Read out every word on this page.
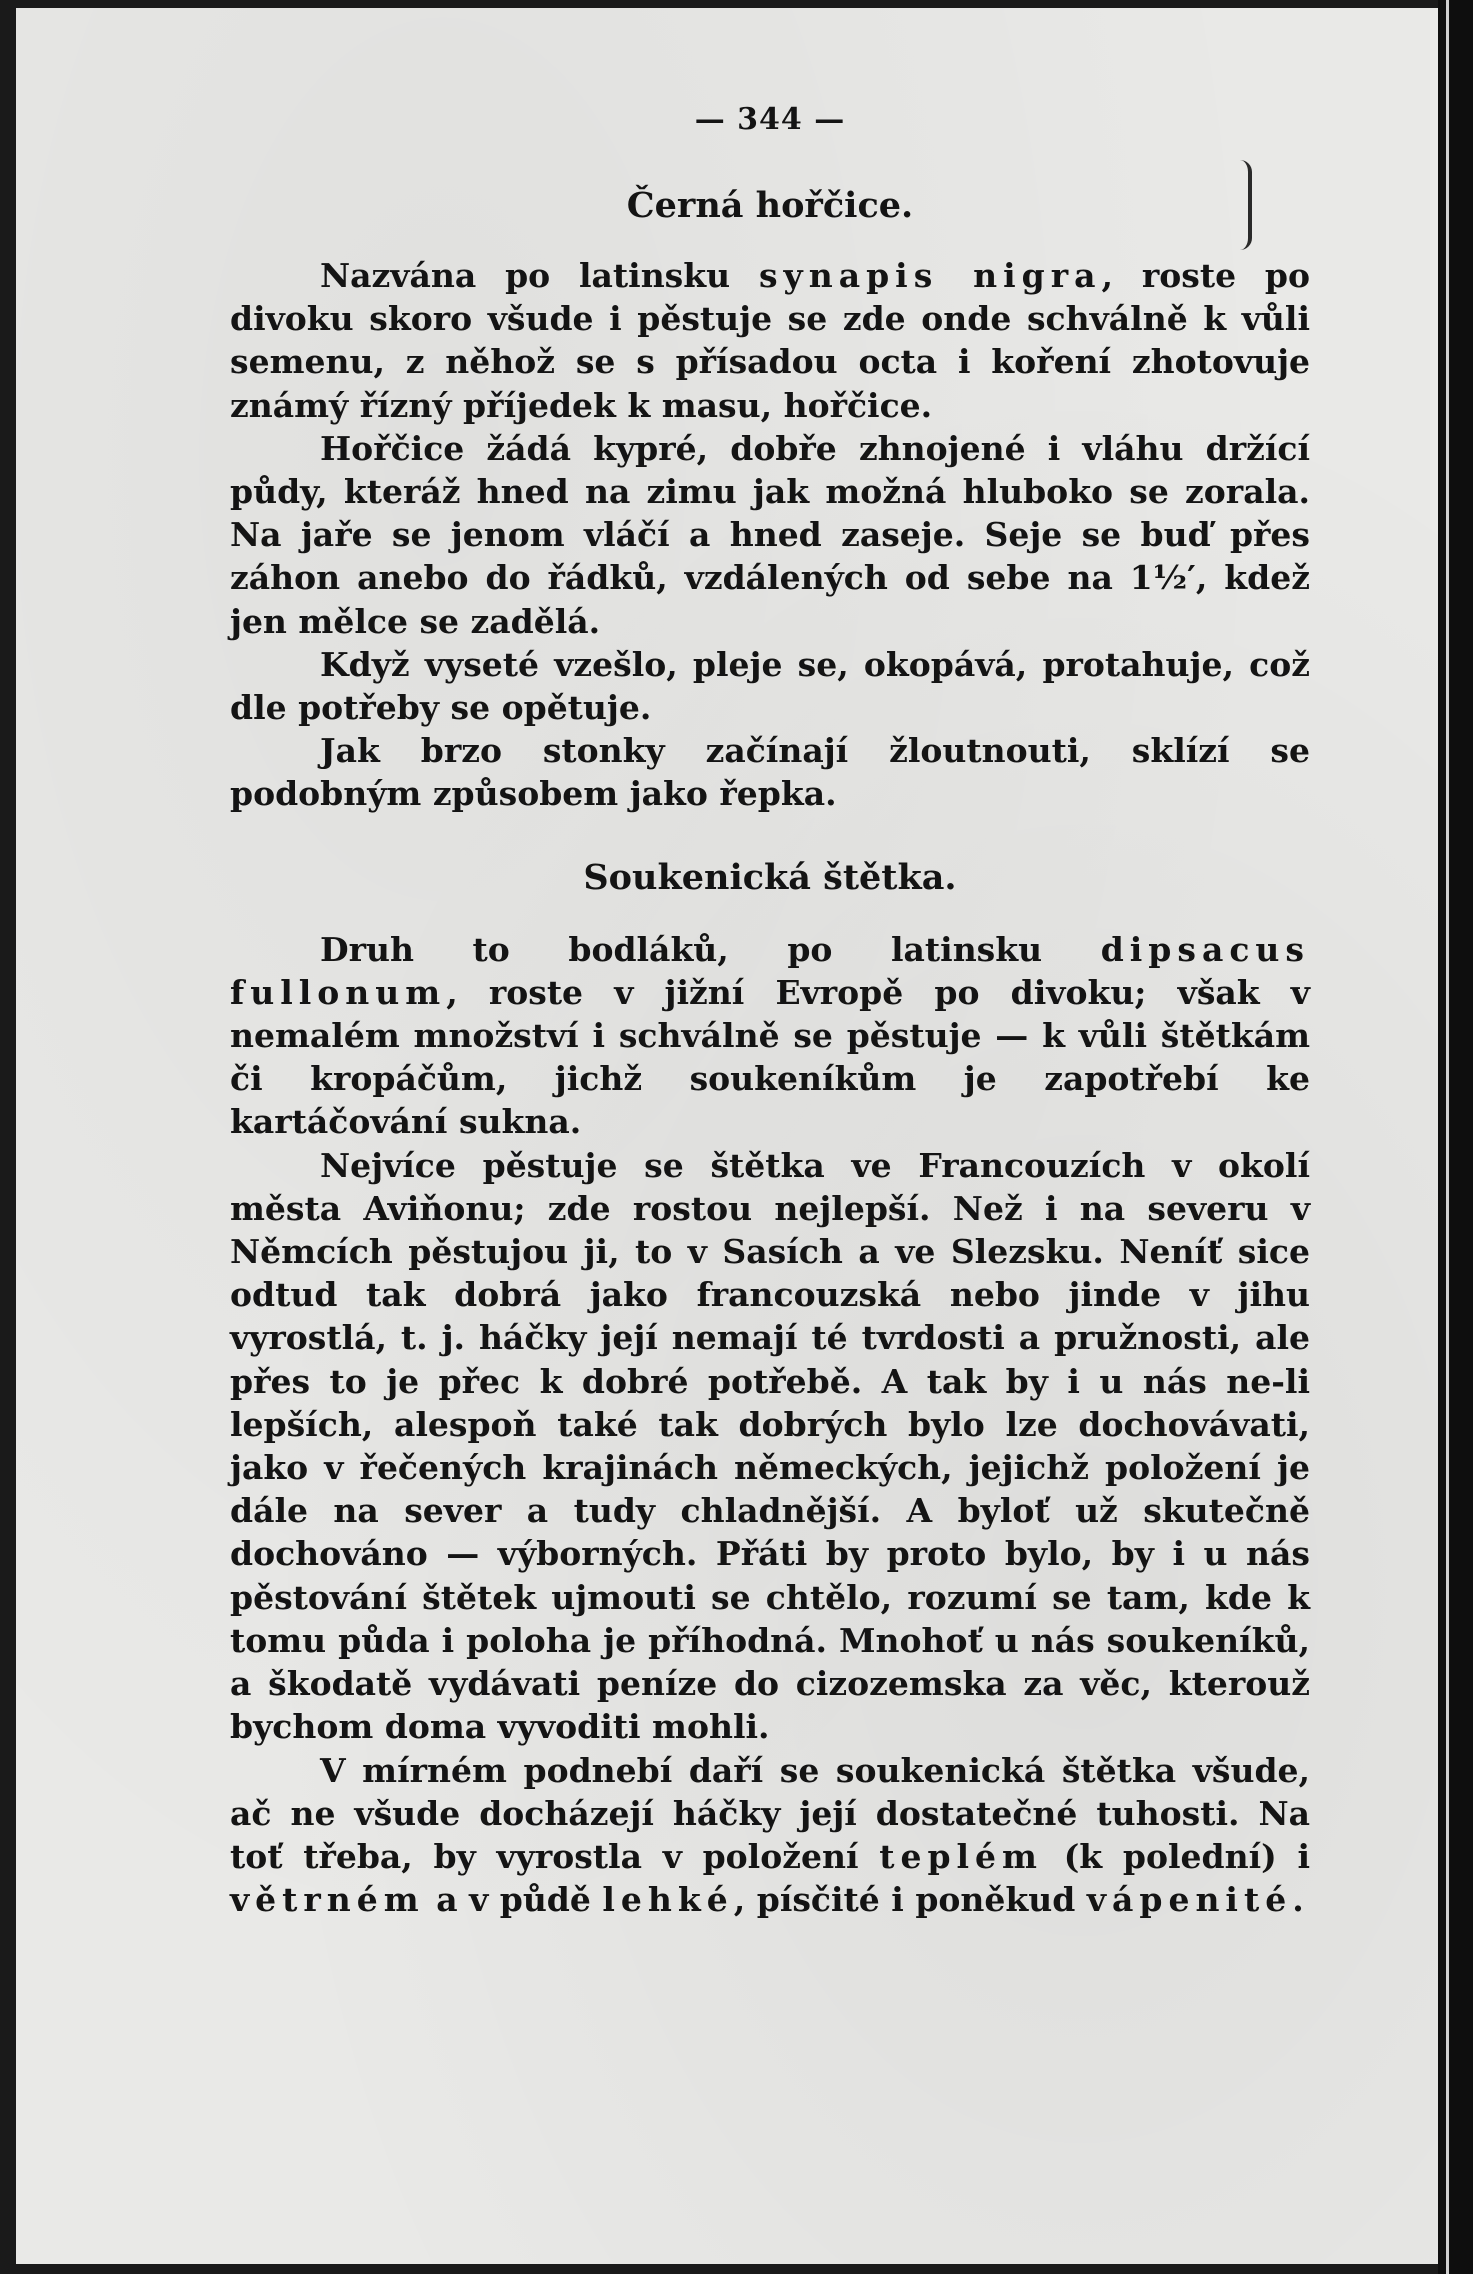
— 344 —
Černá hořčice.

Nazvána po latinsku synapis nigra, roste po divoku skoro všude i pěstuje se zde onde schválně k vůli semenu, z něhož se s přísadou octa i koření zhotovuje známý řízný příjedek k masu, hořčice.

Hořčice žádá kypré, dobře zhnojené i vláhu držící půdy, kteráž hned na zimu jak možná hluboko se zorala. Na jaře se jenom vláčí a hned zaseje. Seje se buď přes záhon anebo do řádků, vzdálených od sebe na 1½′, kdež jen mělce se zadělá.

Když vyseté vzešlo, pleje se, okopává, protahuje, což dle potřeby se opětuje.

Jak brzo stonky začínají žloutnouti, sklízí se podobným způsobem jako řepka.

Soukenická štětka.

Druh to bodláků, po latinsku dipsacus fullonum, roste v jižní Evropě po divoku; však v nemalém množství i schválně se pěstuje — k vůli štětkám či kropáčům, jichž soukeníkům je zapotřebí ke kartáčování sukna.

Nejvíce pěstuje se štětka ve Francouzích v okolí města Aviňonu; zde rostou nejlepší. Než i na severu v Němcích pěstujou ji, to v Sasích a ve Slezsku. Neníť sice odtud tak dobrá jako francouzská nebo jinde v jihu vyrostlá, t. j. háčky její nemají té tvrdosti a pružnosti, ale přes to je přec k dobré potřebě. A tak by i u nás ne-li lepších, alespoň také tak dobrých bylo lze dochovávati, jako v řečených krajinách německých, jejichž položení je dále na sever a tudy chladnější. A byloť už skutečně dochováno — výborných. Přáti by proto bylo, by i u nás pěstování štětek ujmouti se chtělo, rozumí se tam, kde k tomu půda i poloha je příhodná. Mnohoť u nás soukeníků, a škodatě vydávati peníze do cizozemska za věc, kterouž bychom doma vyvoditi mohli.

V mírném podnebí daří se soukenická štětka všude, ač ne všude docházejí háčky její dostatečné tuhosti. Na toť třeba, by vyrostla v položení teplém (k polední) i větrném a v půdě lehké, písčité i poněkud vápenité.
